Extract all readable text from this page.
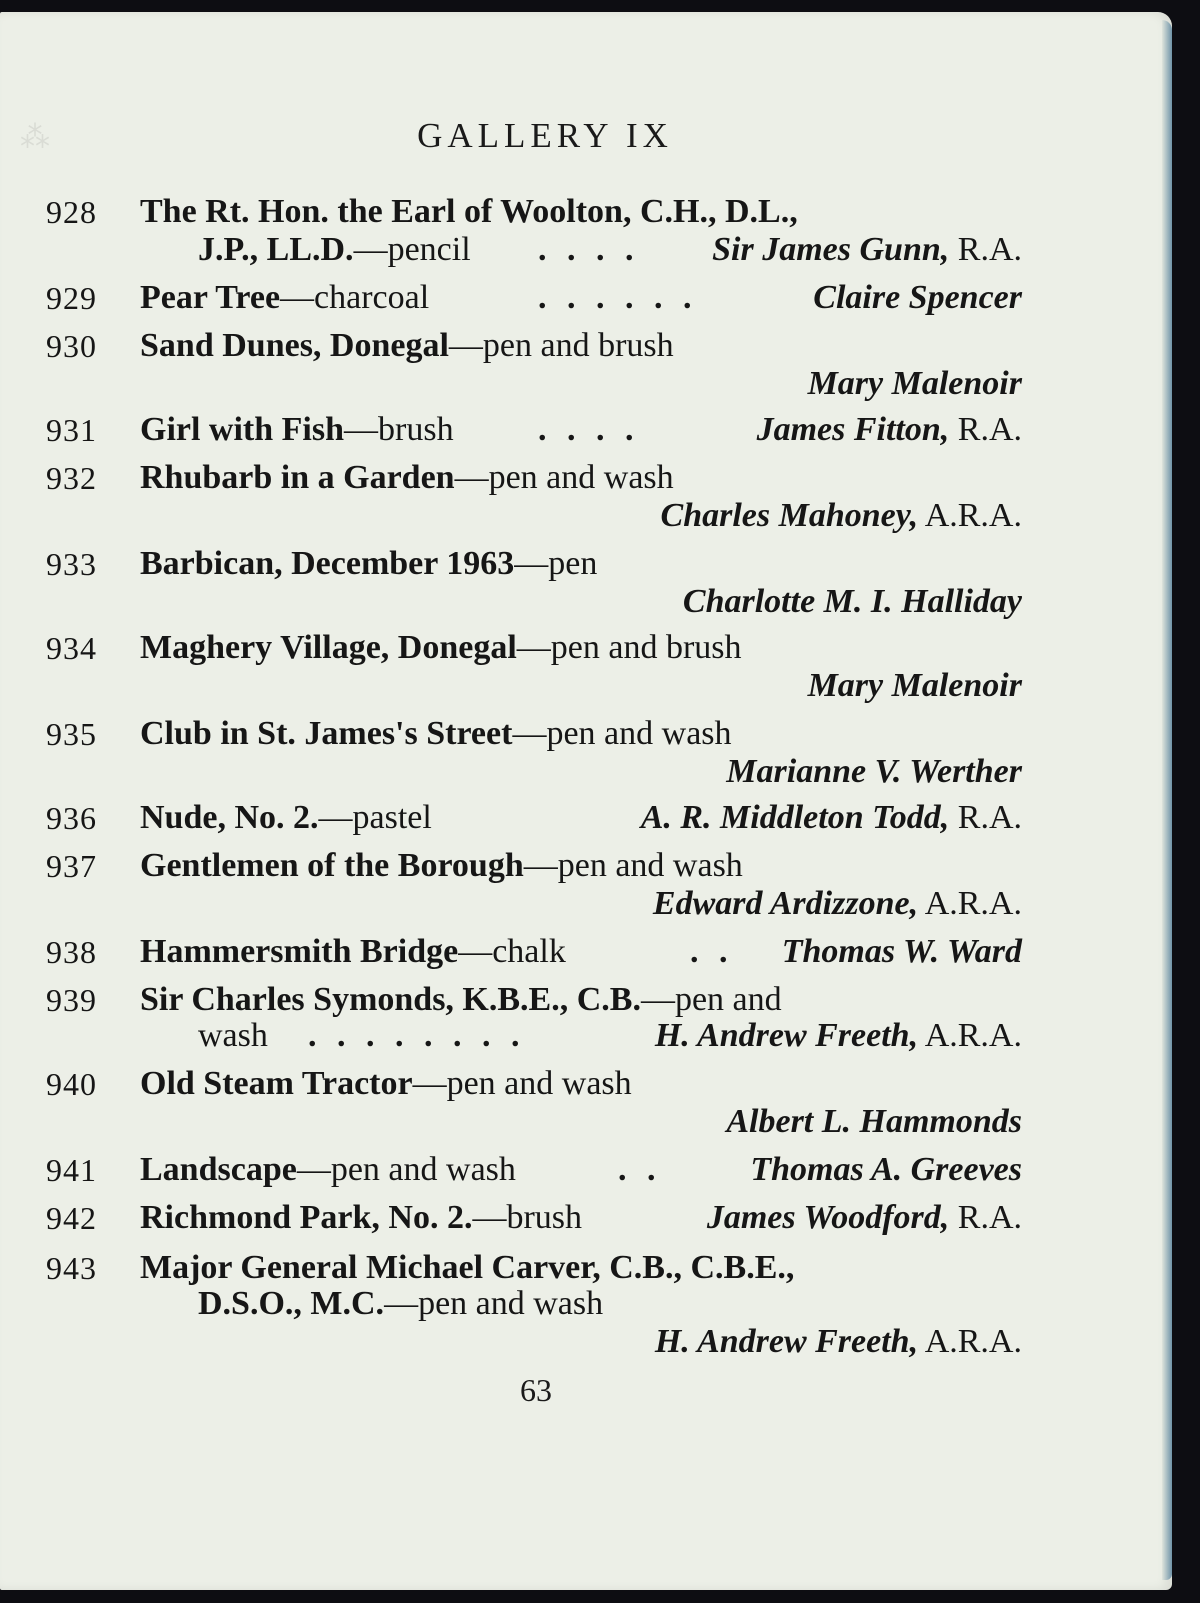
⁂	GALLERY IX
928 The Rt. Hon. the Earl of Woolton, C.H., D.L.,
J.P., LL.D.—pencil . . . . Sir James Gunn, R.A.
929 Pear Tree—charcoal	. . . . . .	Claire Spencer
930 Sand Dunes, Donegal—pen and brush
Mary Malenoir
931 Girl with Fish—brush . . . .	James Fitton, R.A.
932 Rhubarb in a Garden—pen and wash
Charles Mahoney, A.R.A.
933 Barbican, December 1963—pen
Charlotte M. I. Halliday
934 Maghery Village, Donegal—pen and brush
Mary Malenoir
935 Club in St. James's Street—pen and wash
Marianne V. Werther
936 Nude, No. 2.—pastel	A. R. Middleton Todd, R.A.
937 Gentlemen of the Borough—pen and wash
Edward Ardizzone, A.R.A.
938 Hammersmith Bridge—chalk	. . Thomas W. Ward
939 Sir Charles Symonds, K.B.E., C.B.—pen and
wash . . . . . . . .	H. Andrew Freeth, A.R.A.
940 Old Steam Tractor—pen and wash
Albert L. Hammonds
941 Landscape—pen and wash	. .	Thomas A. Greeves
942 Richmond Park, No. 2.—brush	James Woodford, R.A.
943 Major General Michael Carver, C.B., C.B.E.,
D.S.O., M.C.—pen and wash
H. Andrew Freeth, A.R.A.
63
